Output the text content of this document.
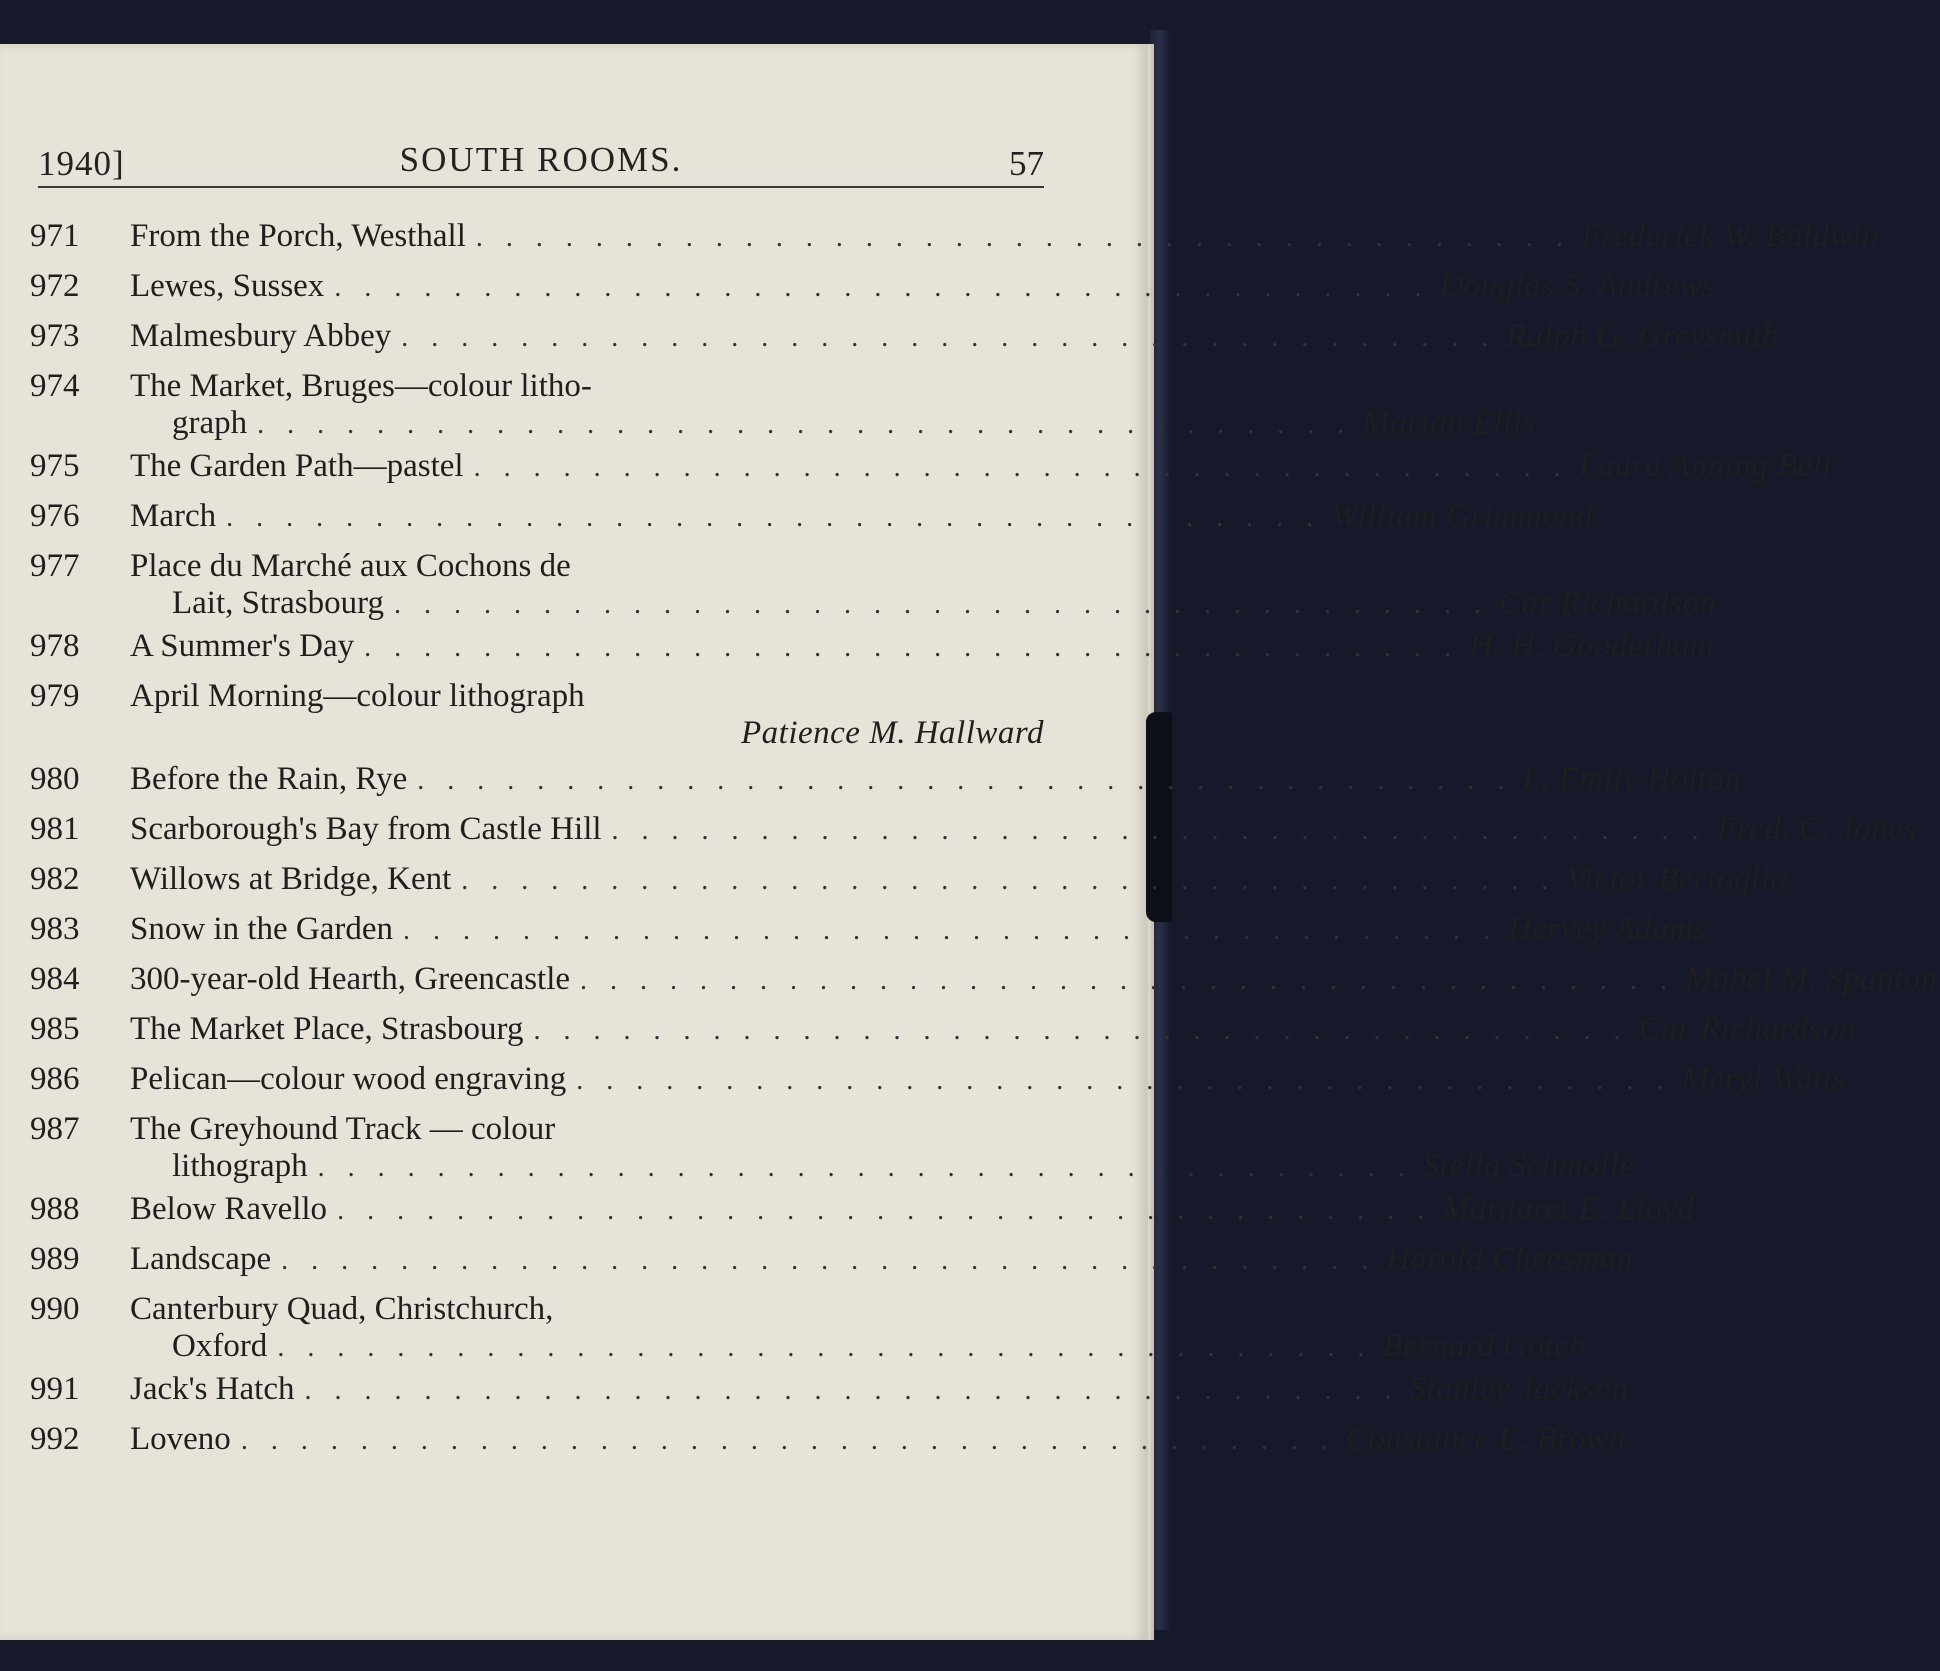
1940]	SOUTH ROOMS.	57
971	From the Porch, Westhall . . . . . . . . . . . . . . . . . . . . . . . . . . . . . . . . . . . . . Frederick W. Baldwin
972	Lewes, Sussex . . . . . . . . . . . . . . . . . . . . . . . . . . . . . . . . . . . . . Douglas S. Andrews
973	Malmesbury Abbey . . . . . . . . . . . . . . . . . . . . . . . . . . . . . . . . . . . . . Ralph G. Greysmith
974	The Market, Bruges—colour litho-
graph . . . . . . . . . . . . . . . . . . . . . . . . . . . . . . . . . . . . . Marian Ellis
975	The Garden Path—pastel . . . . . . . . . . . . . . . . . . . . . . . . . . . . . . . . . . . . . Laura Anning Bell
976	March . . . . . . . . . . . . . . . . . . . . . . . . . . . . . . . . . . . . . William Grimmond
977	Place du Marché aux Cochons de
Lait, Strasbourg . . . . . . . . . . . . . . . . . . . . . . . . . . . . . . . . . . . . . Car Richardson
978	A Summer's Day . . . . . . . . . . . . . . . . . . . . . . . . . . . . . . . . . . . . . H. H. Gooderham
979	April Morning—colour lithograph
Patience M. Hallward
980	Before the Rain, Rye . . . . . . . . . . . . . . . . . . . . . . . . . . . . . . . . . . . . . L. Emily Holton
981	Scarborough's Bay from Castle Hill . . . . . . . . . . . . . . . . . . . . . . . . . . . . . . . . . . . . . Fred. C. Jones
982	Willows at Bridge, Kent . . . . . . . . . . . . . . . . . . . . . . . . . . . . . . . . . . . . . Victor Bertoglio
983	Snow in the Garden . . . . . . . . . . . . . . . . . . . . . . . . . . . . . . . . . . . . . Hervey Adams
984	300-year-old Hearth, Greencastle . . . . . . . . . . . . . . . . . . . . . . . . . . . . . . . . . . . . . Mabel M. Spanton
985	The Market Place, Strasbourg . . . . . . . . . . . . . . . . . . . . . . . . . . . . . . . . . . . . . Car Richardson
986	Pelican—colour wood engraving . . . . . . . . . . . . . . . . . . . . . . . . . . . . . . . . . . . . . Meryl Watts
987	The Greyhound Track — colour
lithograph . . . . . . . . . . . . . . . . . . . . . . . . . . . . . . . . . . . . . Stella Schmolle
988	Below Ravello . . . . . . . . . . . . . . . . . . . . . . . . . . . . . . . . . . . . . Margaret E. Lloyd
989	Landscape . . . . . . . . . . . . . . . . . . . . . . . . . . . . . . . . . . . . . Harold Cheesman
990	Canterbury Quad, Christchurch,
Oxford . . . . . . . . . . . . . . . . . . . . . . . . . . . . . . . . . . . . . Bernard Gotch
991	Jack's Hatch . . . . . . . . . . . . . . . . . . . . . . . . . . . . . . . . . . . . . Stanley Jackson
992	Loveno . . . . . . . . . . . . . . . . . . . . . . . . . . . . . . . . . . . . . Constance E. Brown
